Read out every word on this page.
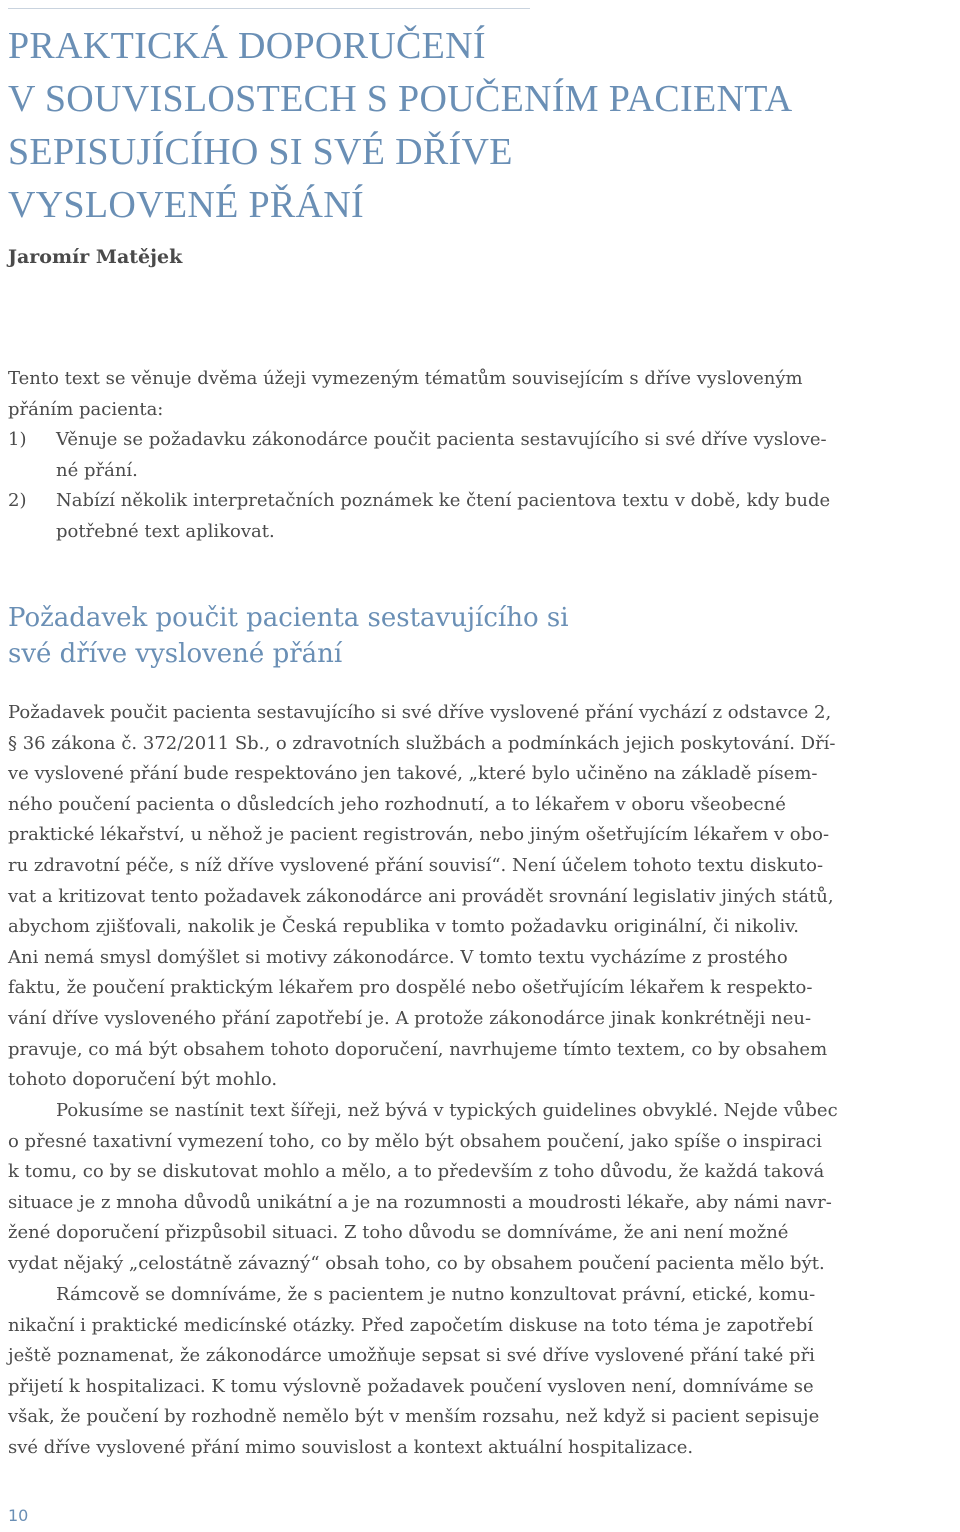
PRAKTICKÁ DOPORUČENÍ
V SOUVISLOSTECH S POUČENÍM PACIENTA
SEPISUJÍCÍHO SI SVÉ DŘÍVE
VYSLOVENÉ PŘÁNÍ

Jaromír Matějek

Tento text se věnuje dvěma úžeji vymezeným tématům souvisejícím s dříve vysloveným
přáním pacienta:
1) Věnuje se požadavku zákonodárce poučit pacienta sestavujícího si své dříve vyslove-
né přání.
2) Nabízí několik interpretačních poznámek ke čtení pacientova textu v době, kdy bude
potřebné text aplikovat.
Požadavek poučit pacienta sestavujícího si
své dříve vyslovené přání
Požadavek poučit pacienta sestavujícího si své dříve vyslovené přání vychází z odstavce 2,
§ 36 zákona č. 372/2011 Sb., o zdravotních službách a podmínkách jejich poskytování. Dří-
ve vyslovené přání bude respektováno jen takové, „které bylo učiněno na základě písem-
ného poučení pacienta o důsledcích jeho rozhodnutí, a to lékařem v oboru všeobecné
praktické lékařství, u něhož je pacient registrován, nebo jiným ošetřujícím lékařem v obo-
ru zdravotní péče, s níž dříve vyslovené přání souvisí“. Není účelem tohoto textu diskuto-
vat a kritizovat tento požadavek zákonodárce ani provádět srovnání legislativ jiných států,
abychom zjišťovali, nakolik je Česká republika v tomto požadavku originální, či nikoliv.
Ani nemá smysl domýšlet si motivy zákonodárce. V tomto textu vycházíme z prostého
faktu, že poučení praktickým lékařem pro dospělé nebo ošetřujícím lékařem k respekto-
vání dříve vysloveného přání zapotřebí je. A protože zákonodárce jinak konkrétněji neu-
pravuje, co má být obsahem tohoto doporučení, navrhujeme tímto textem, co by obsahem
tohoto doporučení být mohlo.
Pokusíme se nastínit text šířeji, než bývá v typických guidelines obvyklé. Nejde vůbec
o přesné taxativní vymezení toho, co by mělo být obsahem poučení, jako spíše o inspiraci
k tomu, co by se diskutovat mohlo a mělo, a to především z toho důvodu, že každá taková
situace je z mnoha důvodů unikátní a je na rozumnosti a moudrosti lékaře, aby námi navr-
žené doporučení přizpůsobil situaci. Z toho důvodu se domníváme, že ani není možné
vydat nějaký „celostátně závazný“ obsah toho, co by obsahem poučení pacienta mělo být.
Rámcově se domníváme, že s pacientem je nutno konzultovat právní, etické, komu-
nikační i praktické medicínské otázky. Před započetím diskuse na toto téma je zapotřebí
ještě poznamenat, že zákonodárce umožňuje sepsat si své dříve vyslovené přání také při
přijetí k hospitalizaci. K tomu výslovně požadavek poučení vysloven není, domníváme se
však, že poučení by rozhodně nemělo být v menším rozsahu, než když si pacient sepisuje
své dříve vyslovené přání mimo souvislost a kontext aktuální hospitalizace.
10
